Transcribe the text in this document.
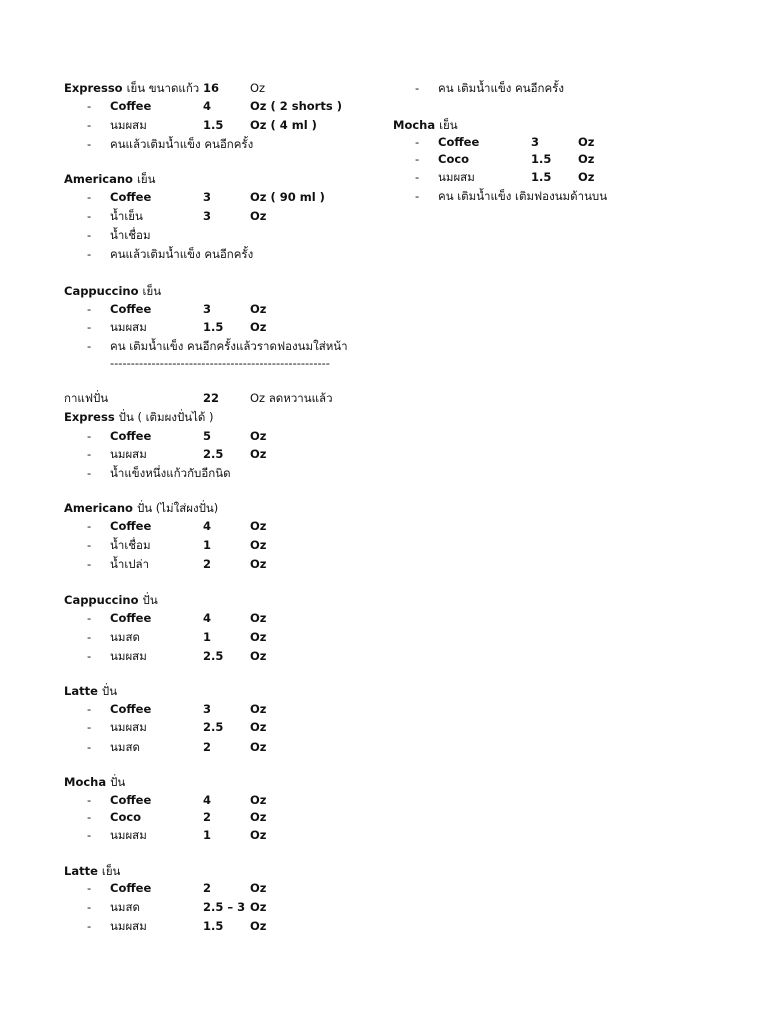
Expresso เย็น ขนาดแก้ว 16	Oz
- Coffee	4	Oz ( 2 shorts )
- นมผสม	1.5 Oz ( 4 ml )
- คนแล้วเติมน้ำแข็ง คนอีกครั้ง
Americano เย็น
- Coffee	3	Oz ( 90 ml )
- น้ำเย็น	3	Oz
- น้ำเชื่อม
- คนแล้วเติมน้ำแข็ง คนอีกครั้ง
Cappuccino เย็น
- Coffee	3	Oz
- นมผสม	1.5 Oz
- คน เติมน้ำแข็ง คนอีกครั้งแล้วราดฟองนมใส่หน้า
กาแฟปั่น	22	Oz ลดหวานแล้ว
Express ปั่น ( เติมผงปั่นได้ )
- Coffee	5	Oz
- นมผสม	2.5 Oz
- น้ำแข็งหนึ่งแก้วกับอีกนิด
Americano ปั่น (ไม่ใส่ผงปั่น)
- Coffee	4	Oz
- น้ำเชื่อม	1	Oz
- น้ำเปล่า	2	Oz
Cappuccino ปั่น
- Coffee	4	Oz
- นมสด	1	Oz
- นมผสม	2.5 Oz
Latte ปั่น
- Coffee	3	Oz
- นมผสม	2.5 Oz
- นมสด	2	Oz
Mocha ปั่น
- Coffee	4	Oz
- Coco	2	Oz
- นมผสม	1	Oz
Latte เย็น
- Coffee	2	Oz
- นมสด	2.5 – 3 Oz
- นมผสม	1.5 Oz
- คน เติมน้ำแข็ง คนอีกครั้ง
Mocha เย็น
- Coffee	3	Oz
- Coco	1.5 Oz
- นมผสม	1.5 Oz
- คน เติมน้ำแข็ง เติมฟองนมด้านบน
-----------------------------------------------------
